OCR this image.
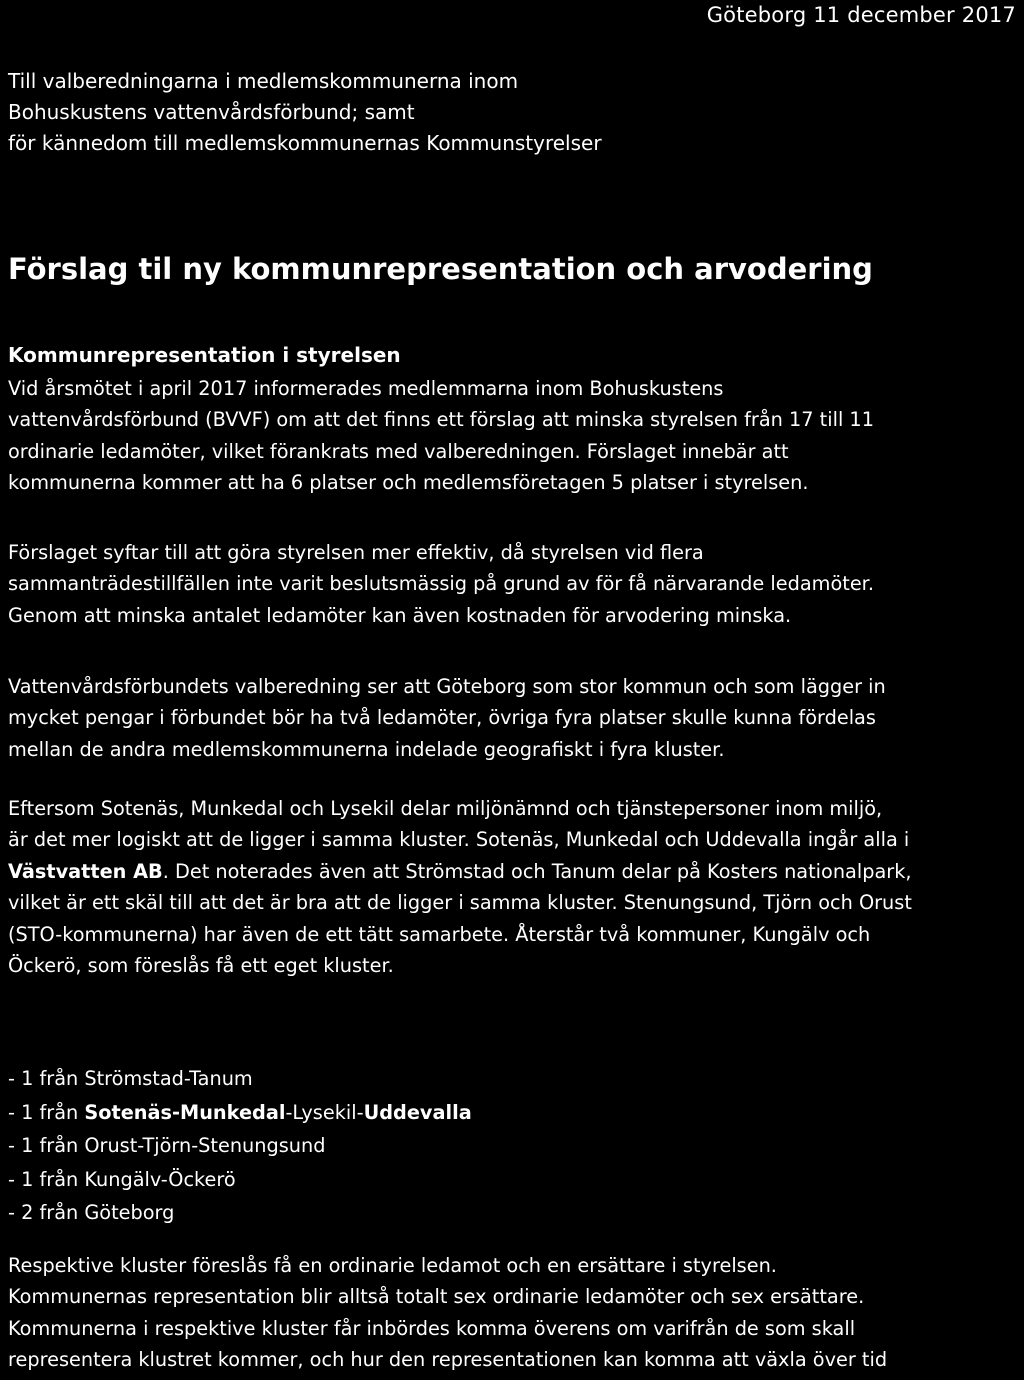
Göteborg 11 december 2017
Till valberedningarna i medlemskommunerna inom
Bohuskustens vattenvårdsförbund; samt
för kännedom till medlemskommunernas Kommunstyrelser
Förslag til ny kommunrepresentation och arvodering
Kommunrepresentation i styrelsen

Vid årsmötet i april 2017 informerades medlemmarna inom Bohuskustens
vattenvårdsförbund (BVVF) om att det finns ett förslag att minska styrelsen från 17 till 11
ordinarie ledamöter, vilket förankrats med valberedningen. Förslaget innebär att
kommunerna kommer att ha 6 platser och medlemsföretagen 5 platser i styrelsen.

Förslaget syftar till att göra styrelsen mer effektiv, då styrelsen vid flera
sammanträdestillfällen inte varit beslutsmässig på grund av för få närvarande ledamöter.
Genom att minska antalet ledamöter kan även kostnaden för arvodering minska.

Vattenvårdsförbundets valberedning ser att Göteborg som stor kommun och som lägger in
mycket pengar i förbundet bör ha två ledamöter, övriga fyra platser skulle kunna fördelas
mellan de andra medlemskommunerna indelade geografiskt i fyra kluster.

Eftersom Sotenäs, Munkedal och Lysekil delar miljönämnd och tjänstepersoner inom miljö,
är det mer logiskt att de ligger i samma kluster. Sotenäs, Munkedal och Uddevalla ingår alla i
Västvatten AB. Det noterades även att Strömstad och Tanum delar på Kosters nationalpark,
vilket är ett skäl till att det är bra att de ligger i samma kluster. Stenungsund, Tjörn och Orust
(STO-kommunerna) har även de ett tätt samarbete. Återstår två kommuner, Kungälv och
Öckerö, som föreslås få ett eget kluster.

- 1 från Strömstad-Tanum
- 1 från Sotenäs-Munkedal-Lysekil-Uddevalla
- 1 från Orust-Tjörn-Stenungsund
- 1 från Kungälv-Öckerö
- 2 från Göteborg

Respektive kluster föreslås få en ordinarie ledamot och en ersättare i styrelsen.
Kommunernas representation blir alltså totalt sex ordinarie ledamöter och sex ersättare.
Kommunerna i respektive kluster får inbördes komma överens om varifrån de som skall
representera klustret kommer, och hur den representationen kan komma att växla över tid
